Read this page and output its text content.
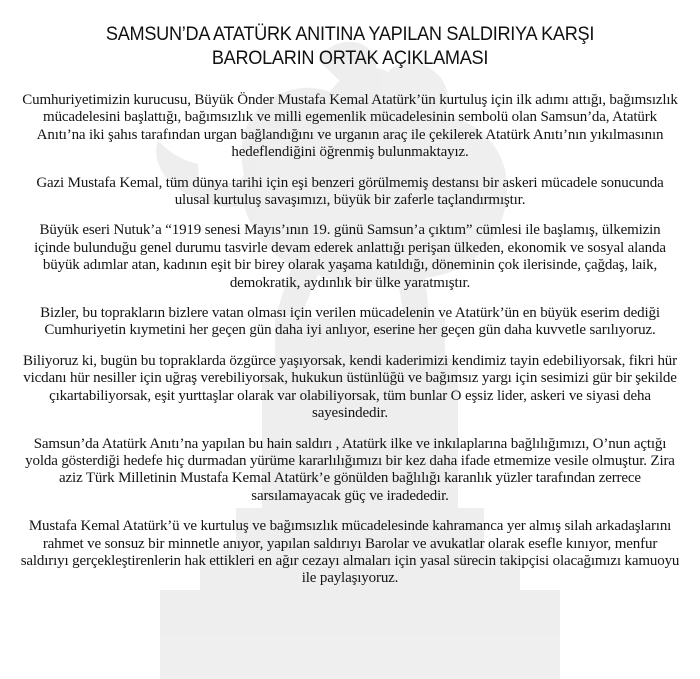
SAMSUN’DA ATATÜRK ANITINA YAPILAN SALDIRIYA KARŞI
BAROLARIN ORTAK AÇIKLAMASI

Cumhuriyetimizin kurucusu, Büyük Önder Mustafa Kemal Atatürk’ün kurtuluş için ilk adımı attığı, bağımsızlık mücadelesini başlattığı, bağımsızlık ve milli egemenlik mücadelesinin sembolü olan Samsun’da, Atatürk Anıtı’na iki şahıs tarafından urgan bağlandığını ve urganın araç ile çekilerek Atatürk Anıtı’nın yıkılmasının hedeflendiğini öğrenmiş bulunmaktayız.

Gazi Mustafa Kemal, tüm dünya tarihi için eşi benzeri görülmemiş destansı bir askeri mücadele sonucunda ulusal kurtuluş savaşımızı, büyük bir zaferle taçlandırmıştır.

Büyük eseri Nutuk’a “1919 senesi Mayıs’ının 19. günü Samsun’a çıktım” cümlesi ile başlamış, ülkemizin içinde bulunduğu genel durumu tasvirle devam ederek anlattığı perişan ülkeden, ekonomik ve sosyal alanda büyük adımlar atan, kadının eşit bir birey olarak yaşama katıldığı, döneminin çok ilerisinde, çağdaş, laik, demokratik, aydınlık bir ülke yaratmıştır.

Bizler, bu toprakların bizlere vatan olması için verilen mücadelenin ve Atatürk’ün en büyük eserim dediği Cumhuriyetin kıymetini her geçen gün daha iyi anlıyor, eserine her geçen gün daha kuvvetle sarılıyoruz.

Biliyoruz ki, bugün bu topraklarda özgürce yaşıyorsak, kendi kaderimizi kendimiz tayin edebiliyorsak, fikri hür vicdanı hür nesiller için uğraş verebiliyorsak, hukukun üstünlüğü ve bağımsız yargı için sesimizi gür bir şekilde çıkartabiliyorsak, eşit yurttaşlar olarak var olabiliyorsak, tüm bunlar O eşsiz lider, askeri ve siyasi deha sayesindedir.

Samsun’da Atatürk Anıtı’na yapılan bu hain saldırı , Atatürk ilke ve inkılaplarına bağlılığımızı, O’nun açtığı yolda gösterdiği hedefe hiç durmadan yürüme kararlılığımızı bir kez daha ifade etmemize vesile olmuştur. Zira aziz Türk Milletinin Mustafa Kemal Atatürk’e gönülden bağlılığı karanlık yüzler tarafından zerrece sarsılamayacak güç ve iradededir.

Mustafa Kemal Atatürk’ü ve kurtuluş ve bağımsızlık mücadelesinde kahramanca yer almış silah arkadaşlarını rahmet ve sonsuz bir minnetle anıyor, yapılan saldırıyı Barolar ve avukatlar olarak esefle kınıyor, menfur saldırıyı gerçekleştirenlerin hak ettikleri en ağır cezayı almaları için yasal sürecin takipçisi olacağımızı kamuoyu ile paylaşıyoruz.
